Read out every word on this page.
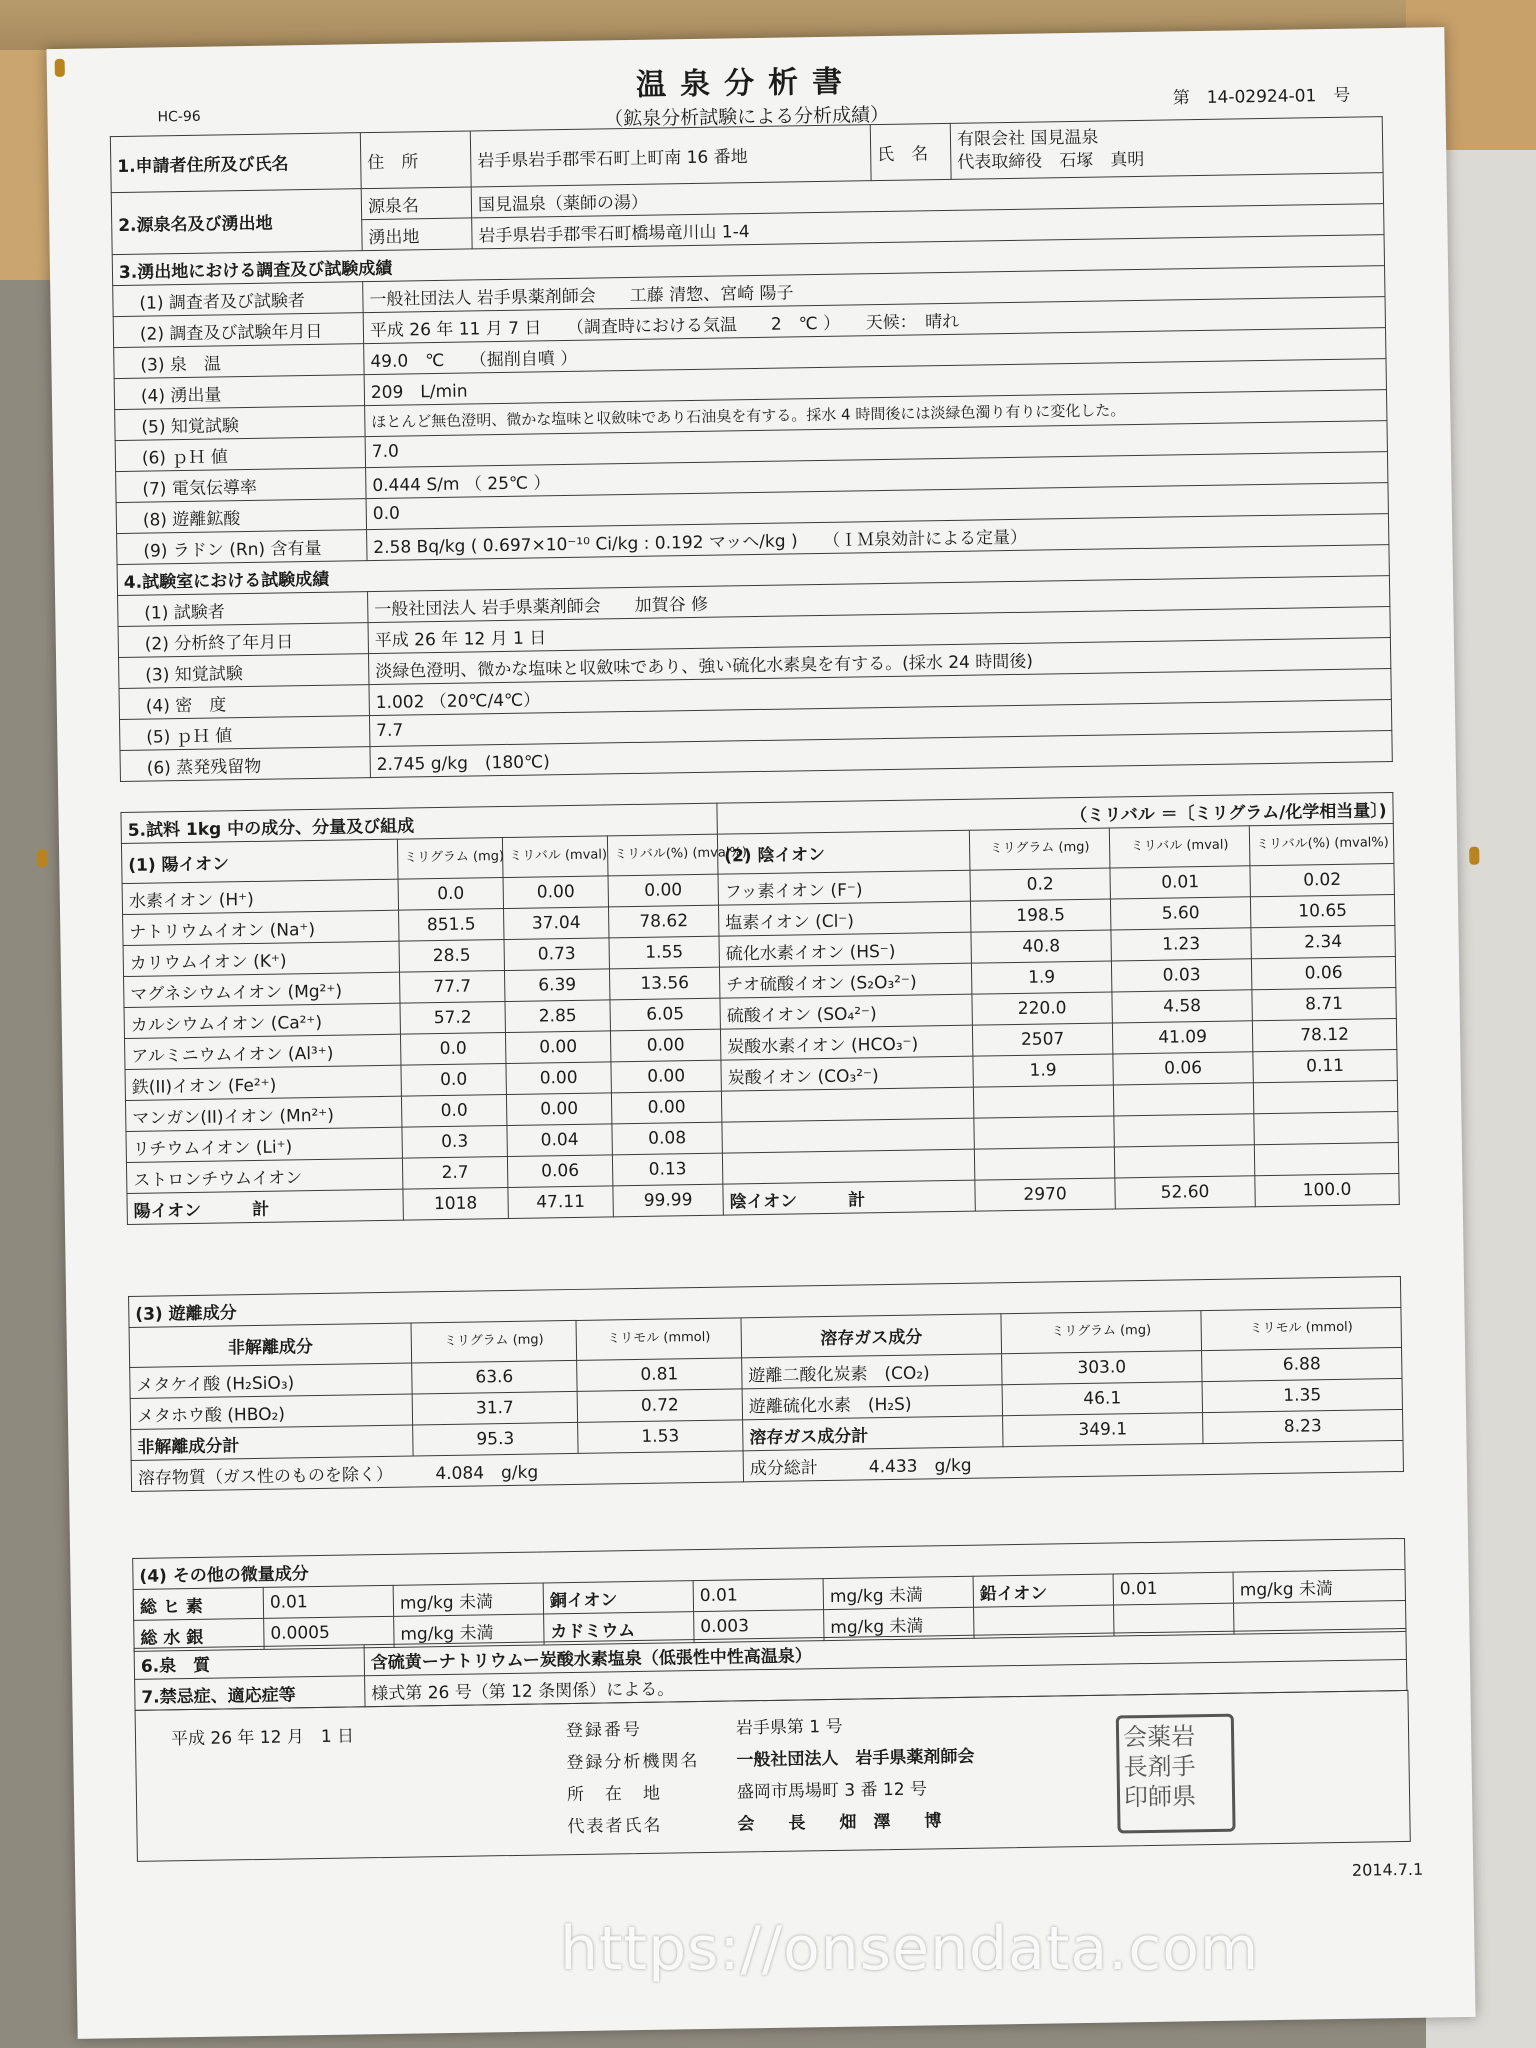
HC-96
温泉分析書
（鉱泉分析試験による分析成績）
第　14-02924-01　号
1.申請者住所及び氏名	住　所	岩手県岩手郡雫石町上町南 16 番地	氏　名	有限会社 国見温泉
代表取締役　石塚　真明

2.源泉名及び湧出地	源泉名	国見温泉（薬師の湯）		
	湧出地	岩手県岩手郡雫石町橋場竜川山 1-4		
3.湧出地における調査及び試験成績				
(1) 調査者及び試験者	一般社団法人 岩手県薬剤師会　　工藤 清惣、宮崎 陽子			
(2) 調査及び試験年月日	平成 26 年 11 月 7 日　　（調査時における気温　　2　℃ ）　　天候：　晴れ			
(3) 泉　温	49.0　℃　　（掘削自噴 ）			
(4) 湧出量	209　L/min			
(5) 知覚試験	ほとんど無色澄明、微かな塩味と収斂味であり石油臭を有する。採水 4 時間後には淡緑色濁り有りに変化した。			
(6) ｐＨ 値	7.0			
(7) 電気伝導率	0.444 S/m （ 25℃ ）			
(8) 遊離鉱酸	0.0			
(9) ラドン (Rn) 含有量	2.58 Bq/kg ( 0.697×10⁻¹⁰ Ci/kg : 0.192 マッヘ/kg )　　（ＩＭ泉効計による定量）			
4.試験室における試験成績				
(1) 試験者	一般社団法人 岩手県薬剤師会　　加賀谷 修			
(2) 分析終了年月日	平成 26 年 12 月 1 日			
(3) 知覚試験	淡緑色澄明、微かな塩味と収斂味であり、強い硫化水素臭を有する。(採水 24 時間後)			
(4) 密　度	1.002 （20℃/4℃）			
(5) ｐＨ 値	7.7			
(6) 蒸発残留物	2.745 g/kg　(180℃)			
5.試料 1kg 中の成分、分量及び組成				（ミリバル ＝〔ミリグラム/化学相当量〕)			
(1) 陽イオン	ミリグラム (mg)	ミリバル (mval)	ミリバル(%) (mval%)	(2) 陰イオン	ミリグラム (mg)	ミリバル (mval)	ミリバル(%) (mval%)
水素イオン (H⁺)	0.0	0.00	0.00	フッ素イオン (F⁻)	0.2	0.01	0.02
ナトリウムイオン (Na⁺)	851.5	37.04	78.62	塩素イオン (Cl⁻)	198.5	5.60	10.65
カリウムイオン (K⁺)	28.5	0.73	1.55	硫化水素イオン (HS⁻)	40.8	1.23	2.34
マグネシウムイオン (Mg²⁺)	77.7	6.39	13.56	チオ硫酸イオン (S₂O₃²⁻)	1.9	0.03	0.06
カルシウムイオン (Ca²⁺)	57.2	2.85	6.05	硫酸イオン (SO₄²⁻)	220.0	4.58	8.71
アルミニウムイオン (Al³⁺)	0.0	0.00	0.00	炭酸水素イオン (HCO₃⁻)	2507	41.09	78.12
鉄(II)イオン (Fe²⁺)	0.0	0.00	0.00	炭酸イオン (CO₃²⁻)	1.9	0.06	0.11
マンガン(II)イオン (Mn²⁺)	0.0	0.00	0.00				
リチウムイオン (Li⁺)	0.3	0.04	0.08				
ストロンチウムイオン	2.7	0.06	0.13				
陽イオン　　　計	1018	47.11	99.99	陰イオン　　　計	2970	52.60	100.0
(3) 遊離成分					
非解離成分	ミリグラム (mg)	ミリモル (mmol)	溶存ガス成分	ミリグラム (mg)	ミリモル (mmol)
メタケイ酸 (H₂SiO₃)	63.6	0.81	遊離二酸化炭素　(CO₂)	303.0	6.88
メタホウ酸 (HBO₂)	31.7	0.72	遊離硫化水素　(H₂S)	46.1	1.35
非解離成分計	95.3	1.53	溶存ガス成分計	349.1	8.23
溶存物質（ガス性のものを除く）　　　4.084　g/kg			成分総計　　　4.433　g/kg		
(4) その他の微量成分								
総 ヒ 素	0.01	mg/kg 未満	銅イオン	0.01	mg/kg 未満	鉛イオン	0.01	mg/kg 未満
総 水 銀	0.0005	mg/kg 未満	カドミウム	0.003	mg/kg 未満			
6.泉　質	含硫黄ーナトリウムー炭酸水素塩泉（低張性中性高温泉）
7.禁忌症、適応症等	様式第 26 号（第 12 条関係）による。
平成 26 年 12 月　1 日	登録番号	岩手県第 1 号
登録分析機関名 一般社団法人　岩手県薬剤師会
所　在　地	盛岡市馬場町 3 番 12 号
代表者氏名	会　　長　　畑　澤　　博
会薬岩
長剤手
印師県
2014.7.1
https://onsendata.com
